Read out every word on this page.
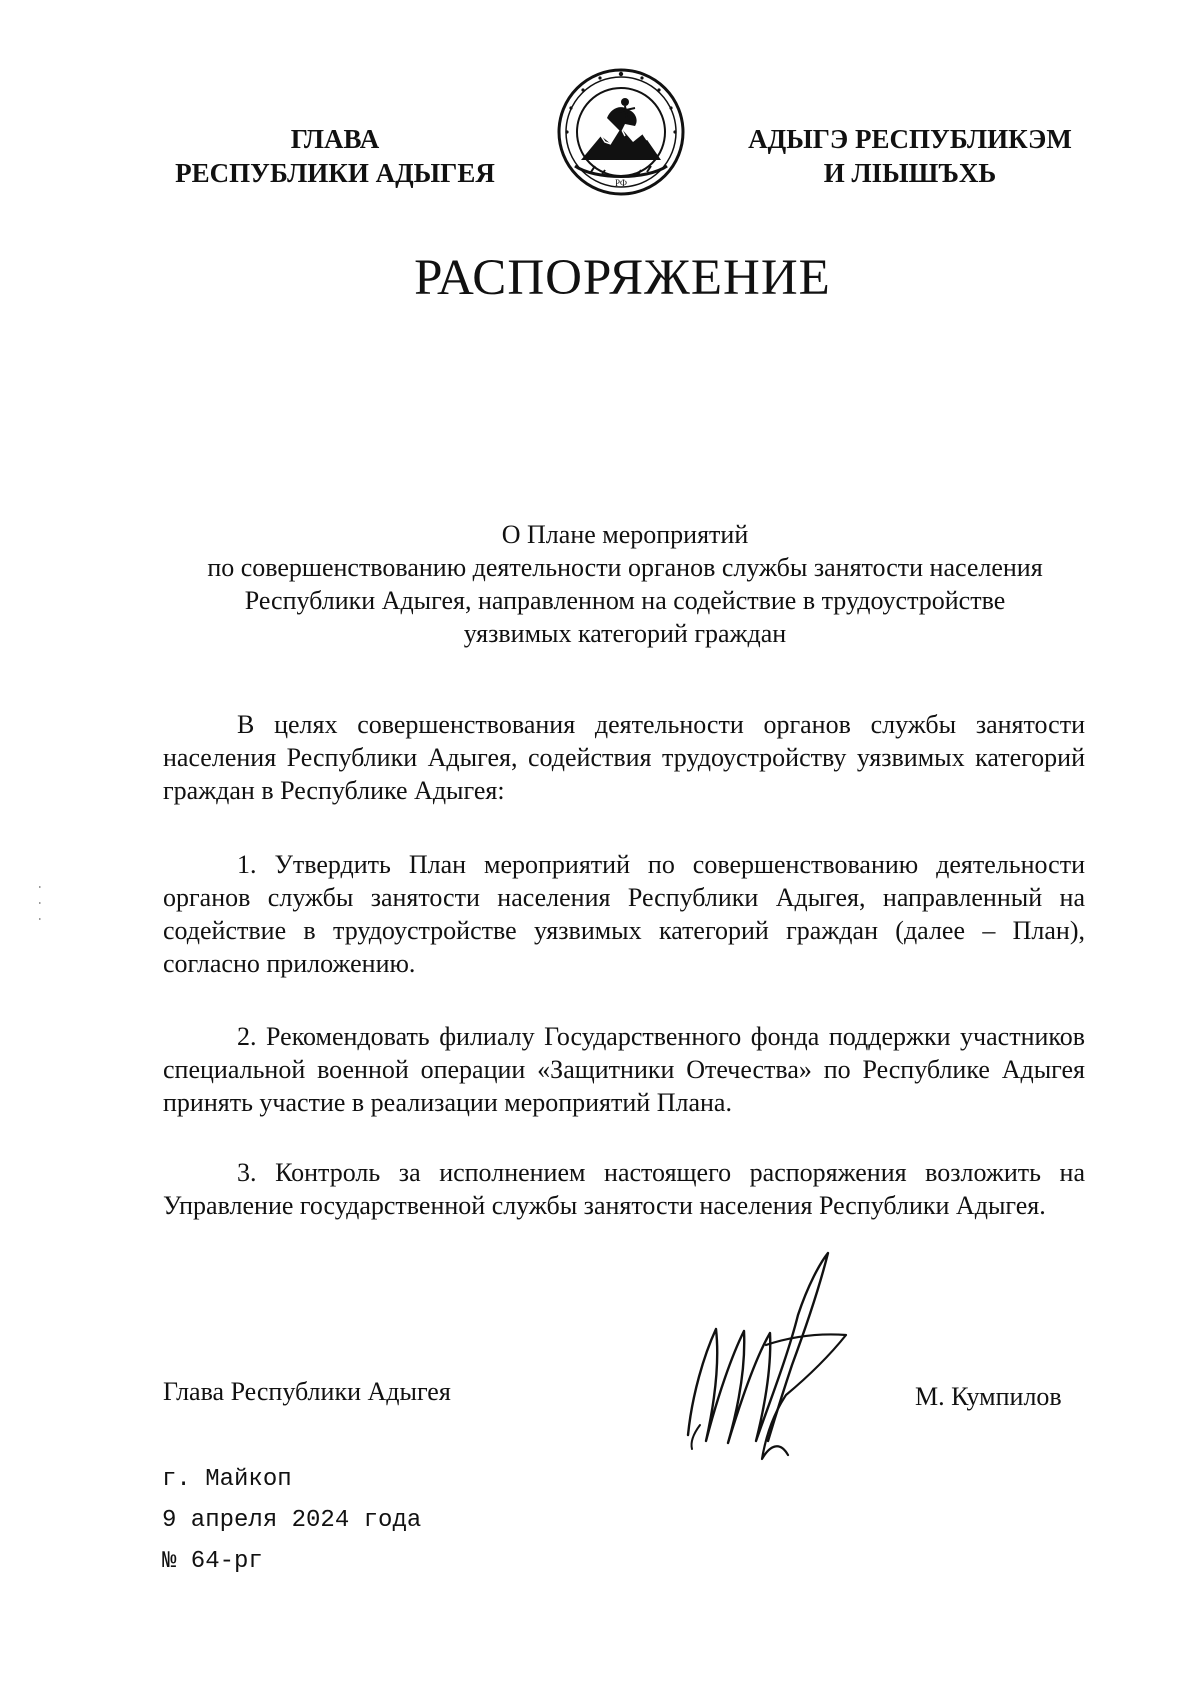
ГЛАВА
РЕСПУБЛИКИ АДЫГЕЯ	РФ
АДЫГЭ РЕСПУБЛИКЭМ
И ЛIЫШЪХЬ
РАСПОРЯЖЕНИЕ
О Плане мероприятий
по совершенствованию деятельности органов службы занятости населения
Республики Адыгея, направленном на содействие в трудоустройстве
уязвимых категорий граждан
В целях совершенствования деятельности органов службы занятости населения Республики Адыгея, содействия трудоустройству уязвимых категорий граждан в Республике Адыгея:
1. Утвердить План мероприятий по совершенствованию деятельности органов службы занятости населения Республики Адыгея, направленный на содействие в трудоустройстве уязвимых категорий граждан (далее – План), согласно приложению.
2. Рекомендовать филиалу Государственного фонда поддержки участников специальной военной операции «Защитники Отечества» по Республике Адыгея принять участие в реализации мероприятий Плана.
3. Контроль за исполнением настоящего распоряжения возложить на Управление государственной службы занятости населения Республики Адыгея.
Глава Республики Адыгея	М. Кумпилов
г. Майкоп
9 апреля 2024 года
№ 64-рг
